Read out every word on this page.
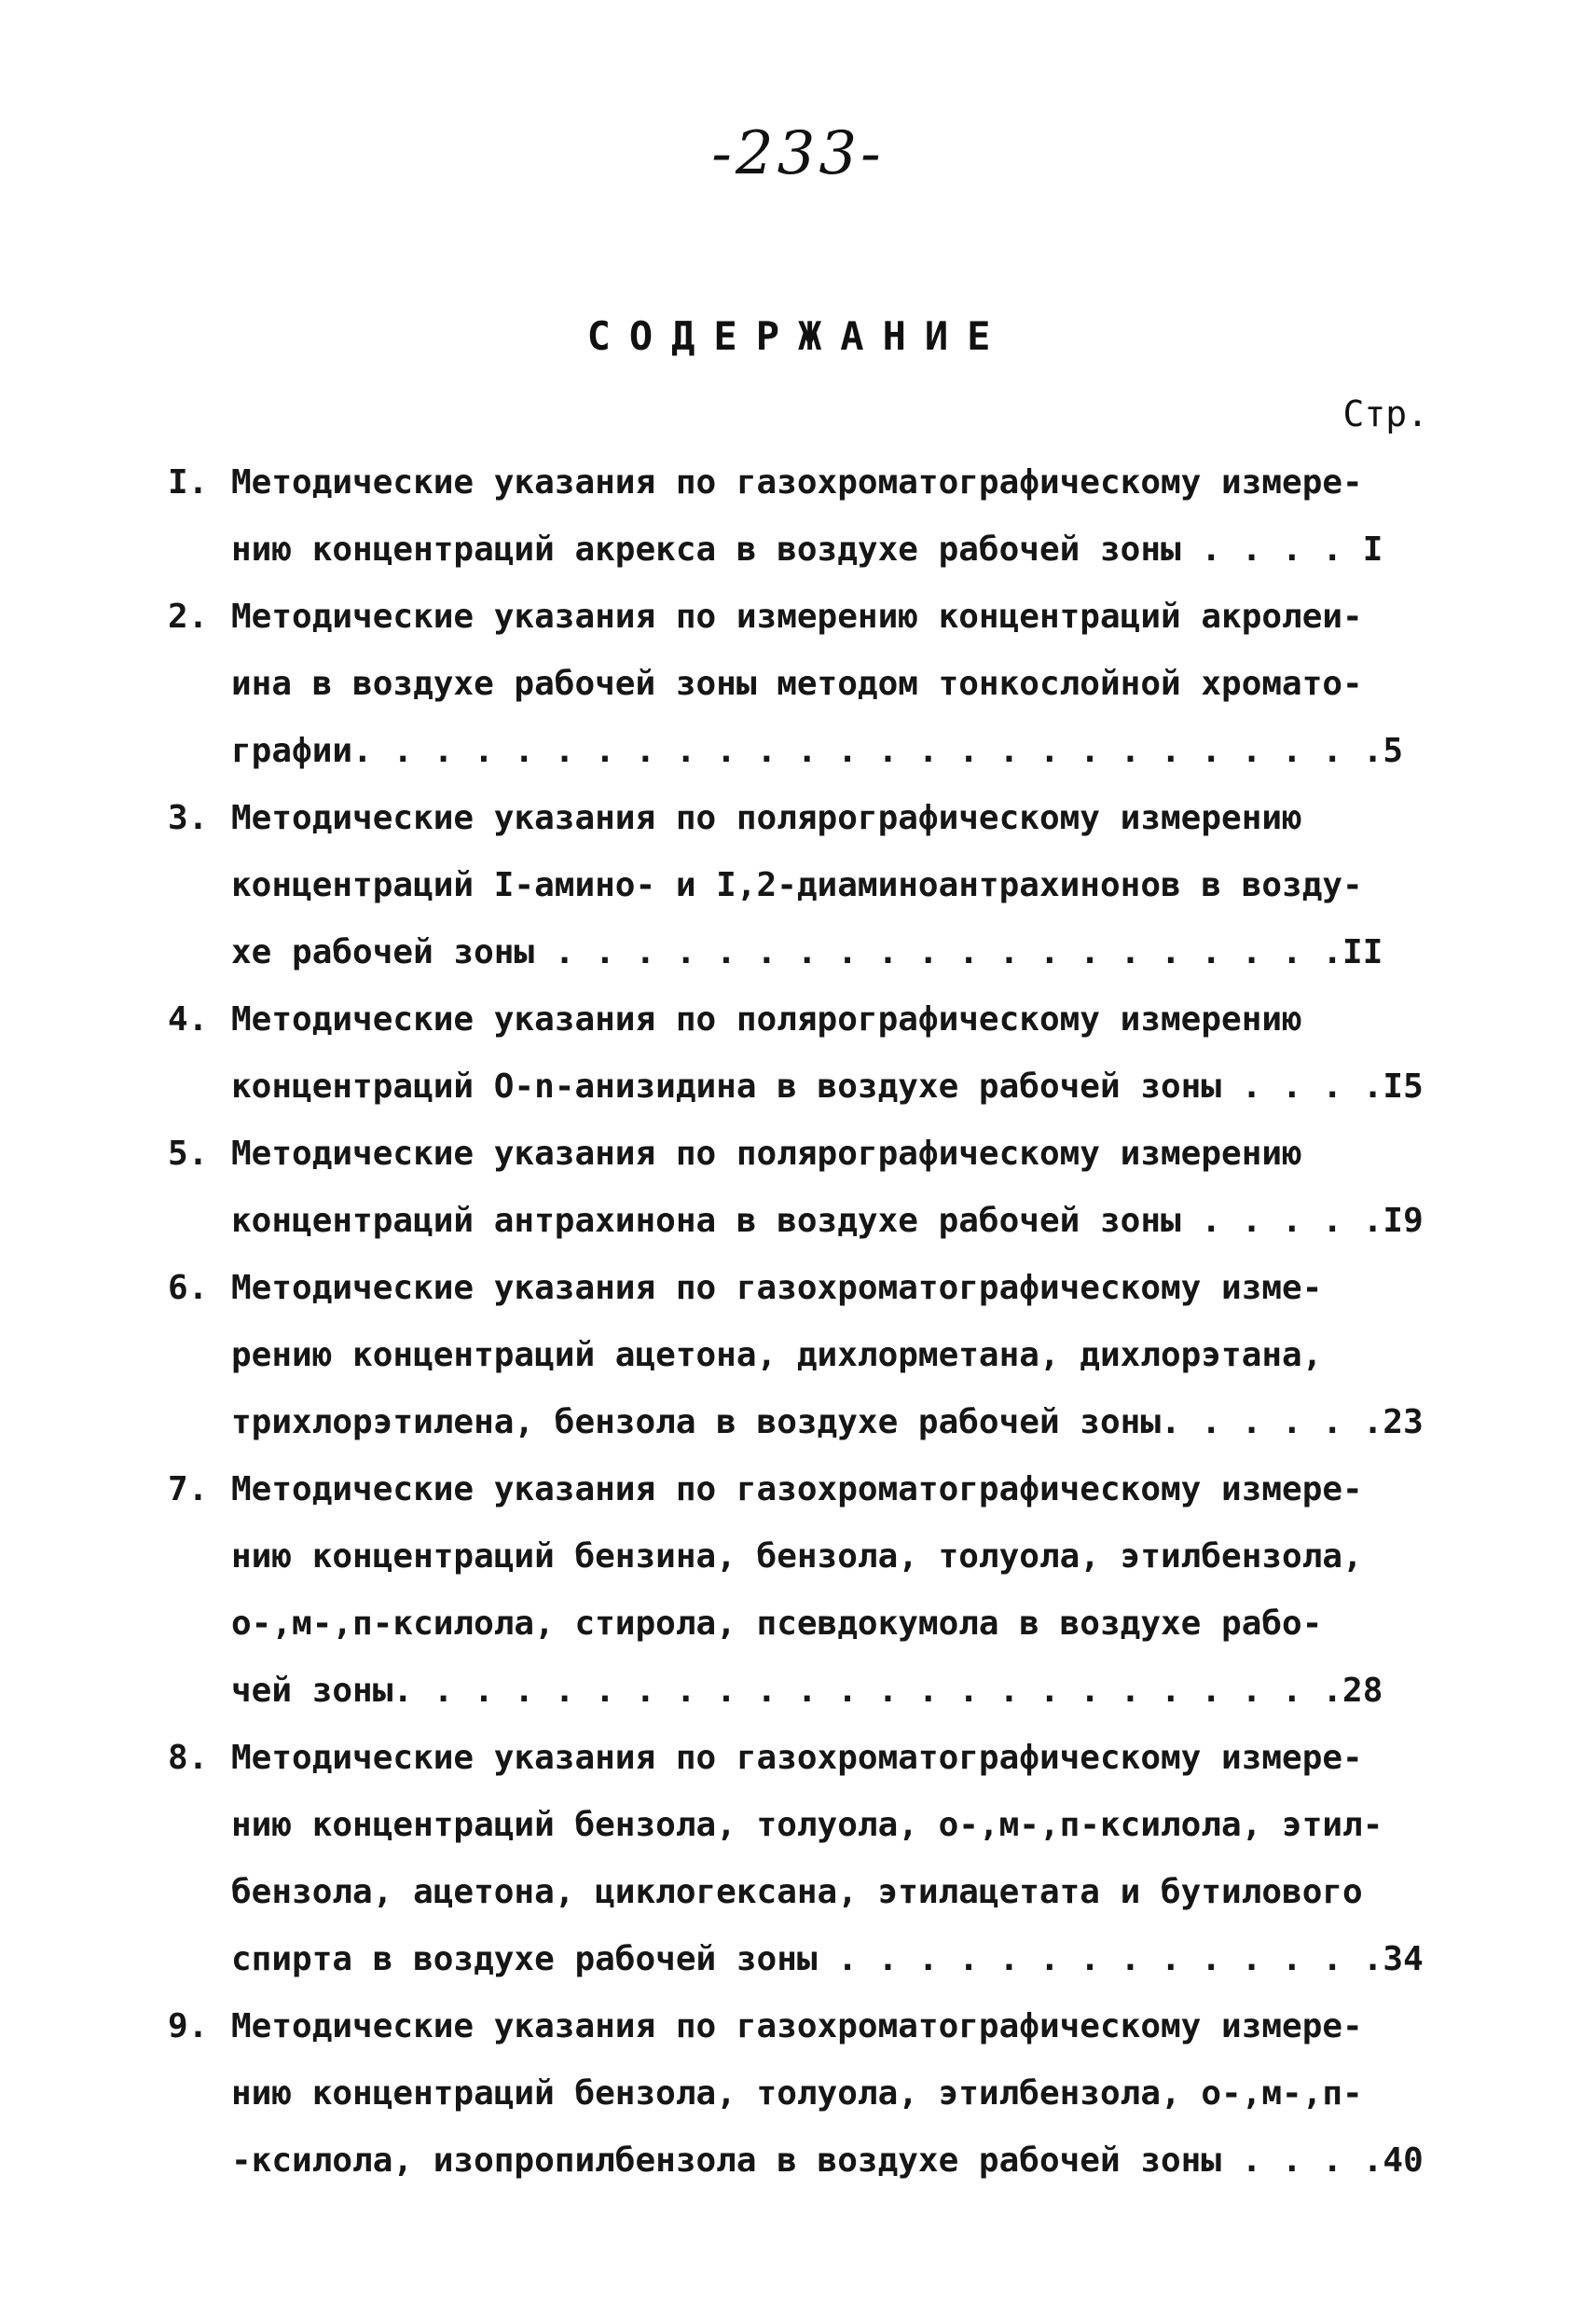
-233-
СОДЕРЖАНИЕ
Стр.
I. Методические указания по газохроматографическому измере-
нию концентраций акрекса в воздухе рабочей зоны . . . . I
2. Методические указания по измерению концентраций акролеи-
ина в воздухе рабочей зоны методом тонкослойной хромато-
графии. . . . . . . . . . . . . . . . . . . . . . . . . .5
3. Методические указания по полярографическому измерению
концентраций I-амино- и I,2-диаминоантрахинонов в возду-
хе рабочей зоны . . . . . . . . . . . . . . . . . . . .II
4. Методические указания по полярографическому измерению
концентраций О-n-анизидина в воздухе рабочей зоны . . . .I5
5. Методические указания по полярографическому измерению
концентраций антрахинона в воздухе рабочей зоны . . . . .I9
6. Методические указания по газохроматографическому изме-
рению концентраций ацетона, дихлорметана, дихлорэтана,
трихлорэтилена, бензола в воздухе рабочей зоны. . . . . .23
7. Методические указания по газохроматографическому измере-
нию концентраций бензина, бензола, толуола, этилбензола,
о-,м-,п-ксилола, стирола, псевдокумола в воздухе рабо-
чей зоны. . . . . . . . . . . . . . . . . . . . . . . .28
8. Методические указания по газохроматографическому измере-
нию концентраций бензола, толуола, о-,м-,п-ксилола, этил-
бензола, ацетона, циклогексана, этилацетата и бутилового
спирта в воздухе рабочей зоны . . . . . . . . . . . . . .34
9. Методические указания по газохроматографическому измере-
нию концентраций бензола, толуола, этилбензола, о-,м-,п-
-ксилола, изопропилбензола в воздухе рабочей зоны . . . .40
